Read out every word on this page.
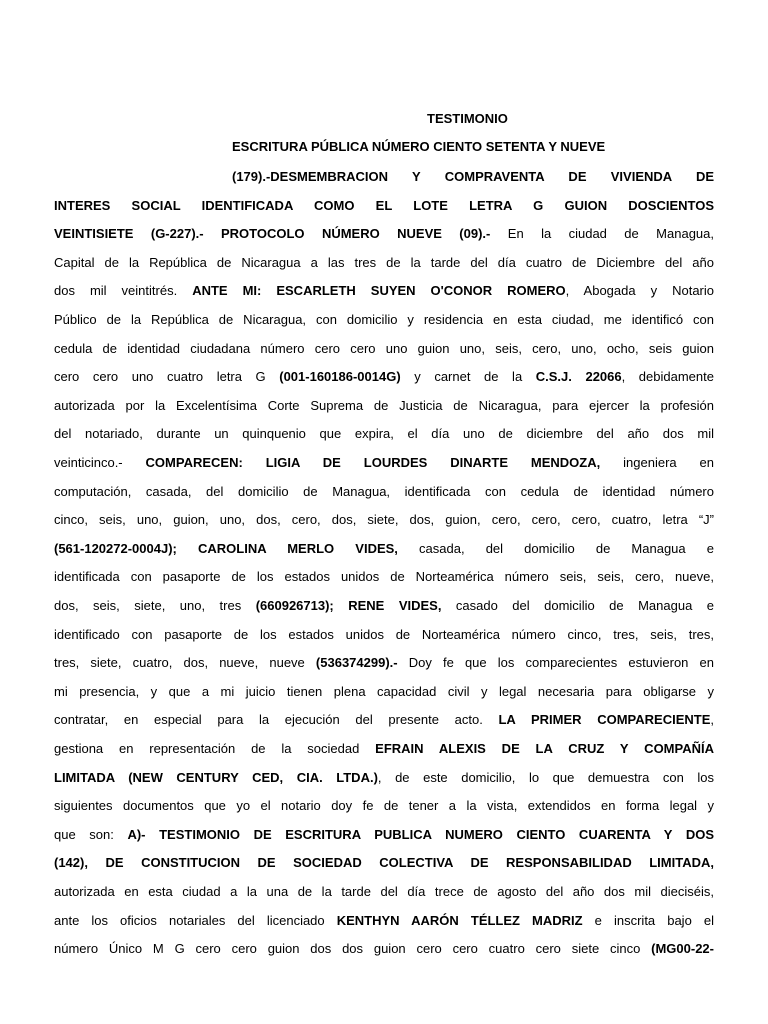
TESTIMONIO
ESCRITURA PÚBLICA NÚMERO CIENTO SETENTA Y NUEVE
(179).-DESMEMBRACION Y COMPRAVENTA DE VIVIENDA DE
INTERES SOCIAL IDENTIFICADA COMO EL LOTE LETRA G GUION DOSCIENTOS
VEINTISIETE (G-227).- PROTOCOLO NÚMERO NUEVE (09).- En la ciudad de Managua,
Capital de la República de Nicaragua a las tres de la tarde del día cuatro de Diciembre del año
dos mil veintitrés. ANTE MI: ESCARLETH SUYEN O'CONOR ROMERO, Abogada y Notario
Público de la República de Nicaragua, con domicilio y residencia en esta ciudad, me identificó con
cedula de identidad ciudadana número cero cero uno guion uno, seis, cero, uno, ocho, seis guion
cero cero uno cuatro letra G (001-160186-0014G) y carnet de la C.S.J. 22066, debidamente
autorizada por la Excelentísima Corte Suprema de Justicia de Nicaragua, para ejercer la profesión
del notariado, durante un quinquenio que expira, el día uno de diciembre del año dos mil
veinticinco.- COMPARECEN: LIGIA DE LOURDES DINARTE MENDOZA, ingeniera en
computación, casada, del domicilio de Managua, identificada con cedula de identidad número
cinco, seis, uno, guion, uno, dos, cero, dos, siete, dos, guion, cero, cero, cero, cuatro, letra “J”
(561-120272-0004J); CAROLINA MERLO VIDES, casada, del domicilio de Managua e
identificada con pasaporte de los estados unidos de Norteamérica número seis, seis, cero, nueve,
dos, seis, siete, uno, tres (660926713); RENE VIDES, casado del domicilio de Managua e
identificado con pasaporte de los estados unidos de Norteamérica número cinco, tres, seis, tres,
tres, siete, cuatro, dos, nueve, nueve (536374299).- Doy fe que los comparecientes estuvieron en
mi presencia, y que a mi juicio tienen plena capacidad civil y legal necesaria para obligarse y
contratar, en especial para la ejecución del presente acto. LA PRIMER COMPARECIENTE,
gestiona en representación de la sociedad EFRAIN ALEXIS DE LA CRUZ Y COMPAÑÍA
LIMITADA (NEW CENTURY CED, CIA. LTDA.), de este domicilio, lo que demuestra con los
siguientes documentos que yo el notario doy fe de tener a la vista, extendidos en forma legal y
que son: A)- TESTIMONIO DE ESCRITURA PUBLICA NUMERO CIENTO CUARENTA Y DOS
(142), DE CONSTITUCION DE SOCIEDAD COLECTIVA DE RESPONSABILIDAD LIMITADA,
autorizada en esta ciudad a la una de la tarde del día trece de agosto del año dos mil dieciséis,
ante los oficios notariales del licenciado KENTHYN AARÓN TÉLLEZ MADRIZ e inscrita bajo el
número Único M G cero cero guion dos dos guion cero cero cuatro cero siete cinco (MG00-22-
